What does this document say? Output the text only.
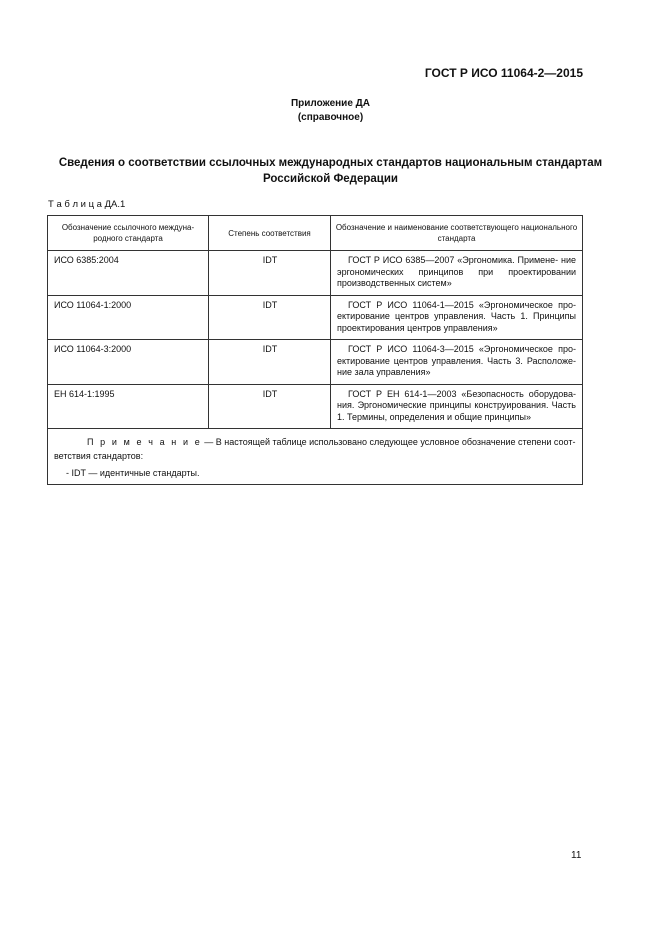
ГОСТ Р ИСО 11064-2—2015
Приложение ДА
(справочное)
Сведения о соответствии ссылочных международных стандартов национальным стандартам
Российской Федерации
Т а б л и ц а ДА.1
Обозначение ссылочного междуна- родного стандарта	Степень соответствия	Обозначение и наименование соответствующего национального стандарта
ИСО 6385:2004	IDT	ГОСТ Р ИСО 6385—2007 «Эргономика. Примене- ние эргономических принципов при проектировании производственных систем»
ИСО 11064-1:2000	IDT	ГОСТ Р ИСО 11064-1—2015 «Эргономическое про- ектирование центров управления. Часть 1. Принципы проектирования центров управления»
ИСО 11064-3:2000	IDT	ГОСТ Р ИСО 11064-3—2015 «Эргономическое про- ектирование центров управления. Часть 3. Расположе- ние зала управления»
ЕН 614-1:1995	IDT	ГОСТ Р ЕН 614-1—2003 «Безопасность оборудова- ния. Эргономические принципы конструирования. Часть 1. Термины, определения и общие принципы»

П р и м е ч а н и е — В настоящей таблице использовано следующее условное обозначение степени соот- ветствия стандартов:
- IDT — идентичные стандарты.		
11
